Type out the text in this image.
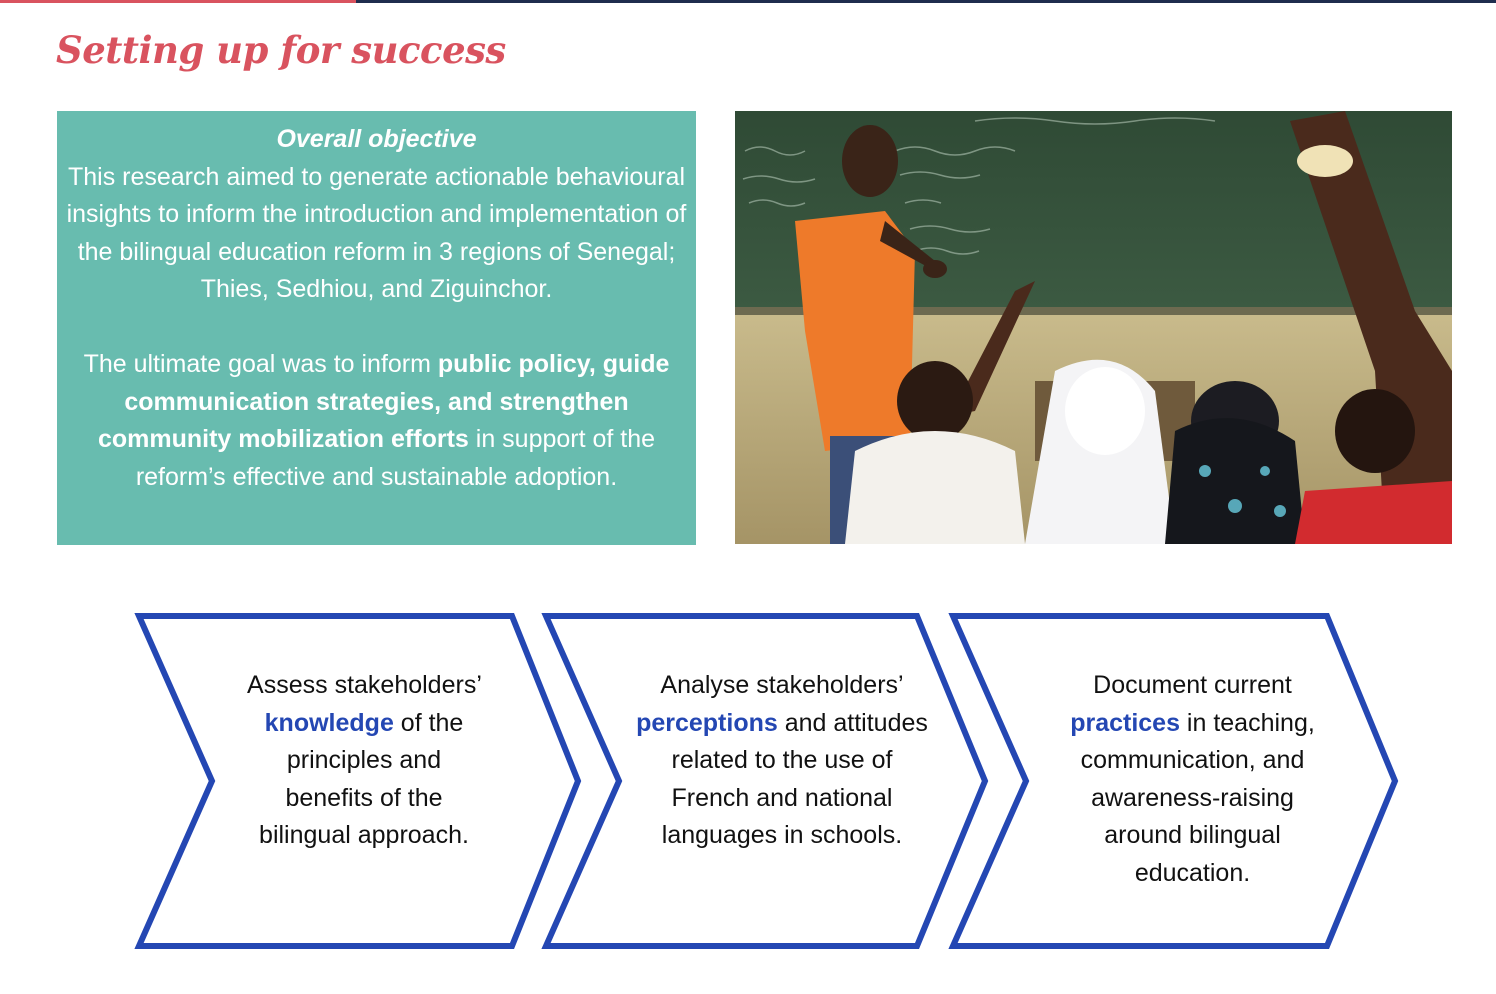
Setting up for success
Overall objective

This research aimed to generate actionable behavioural insights to inform the introduction and implementation of the bilingual education reform in 3 regions of Senegal; Thies, Sedhiou, and Ziguinchor.

The ultimate goal was to inform public policy, guide communication strategies, and strengthen community mobilization efforts in support of the reform’s effective and sustainable adoption.

Assess stakeholders’ knowledge of the principles and benefits of the bilingual approach.
Analyse stakeholders’ perceptions and attitudes related to the use of French and national languages in schools.
Document current practices in teaching, communication, and awareness-raising around bilingual education.
